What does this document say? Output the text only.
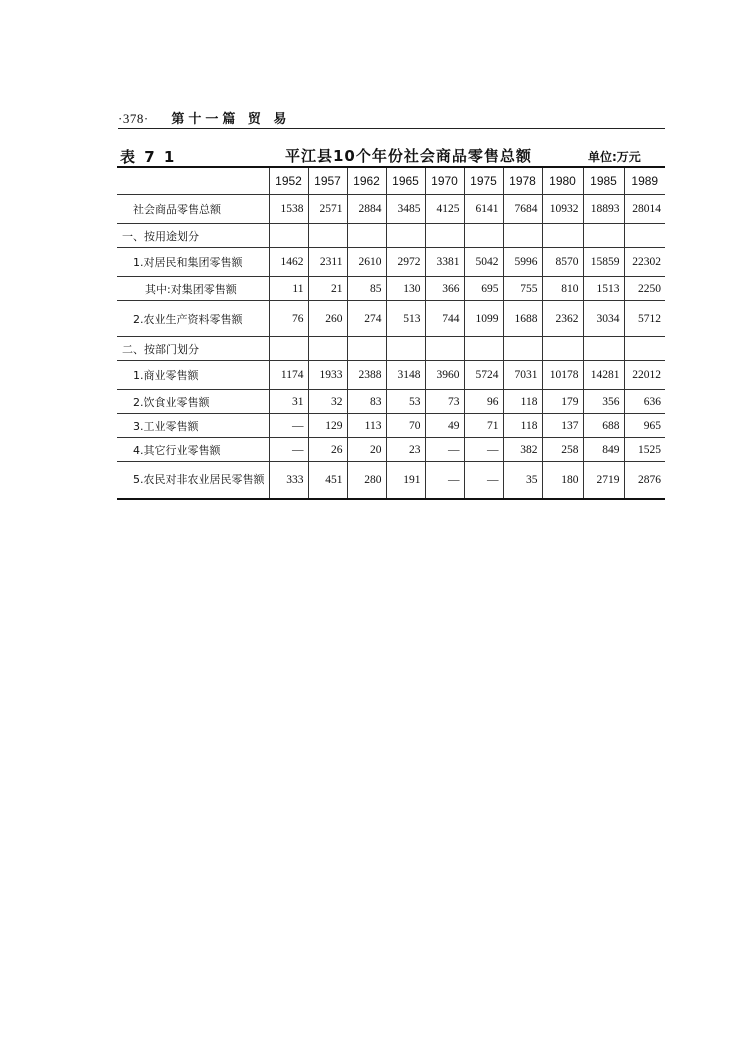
·378· 第十一篇 贸 易
表 7 1	平江县10个年份社会商品零售总额	单位:万元
	1952	1957	1962	1965	1970	1975	1978	1980	1985	1989
社会商品零售总额	1538	2571	2884	3485	4125	6141	7684	10932	18893	28014
一、按用途划分										
1.对居民和集团零售额	1462	2311	2610	2972	3381	5042	5996	8570	15859	22302
其中:对集团零售额	11	21	85	130	366	695	755	810	1513	2250
2.农业生产资料零售额	76	260	274	513	744	1099	1688	2362	3034	5712
二、按部门划分										
1.商业零售额	1174	1933	2388	3148	3960	5724	7031	10178	14281	22012
2.饮食业零售额	31	32	83	53	73	96	118	179	356	636
3.工业零售额	—	129	113	70	49	71	118	137	688	965
4.其它行业零售额	—	26	20	23	—	—	382	258	849	1525
5.农民对非农业居民零售额	333	451	280	191	—	—	35	180	2719	2876
